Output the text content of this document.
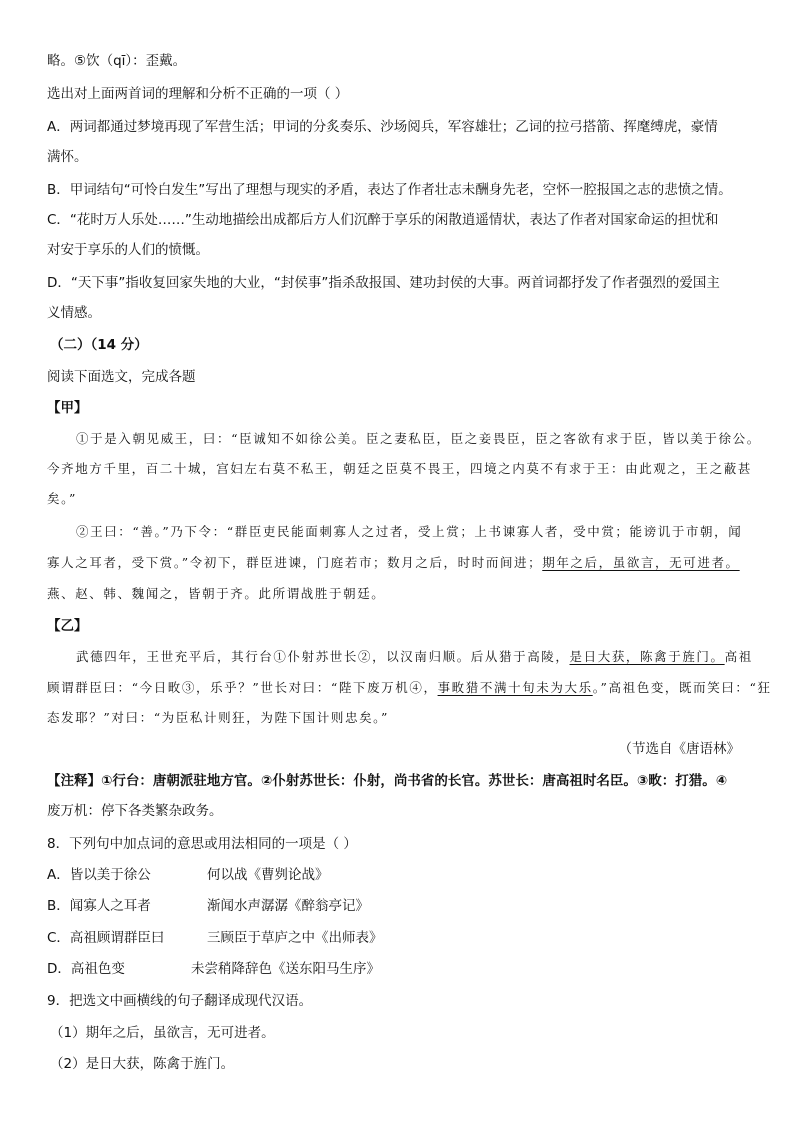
略。⑤饮（qī）：歪戴。
选出对上面两首词的理解和分析不正确的一项（ ）
A．两词都通过梦境再现了军营生活；甲词的分炙奏乐、沙场阅兵，军容雄壮；乙词的拉弓搭箭、挥麾缚虎，豪情
满怀。
B．甲词结句“可怜白发生”写出了理想与现实的矛盾，表达了作者壮志未酬身先老，空怀一腔报国之志的悲愤之情。
C．“花时万人乐处……”生动地描绘出成都后方人们沉醉于享乐的闲散逍遥情状，表达了作者对国家命运的担忧和
对安于享乐的人们的愤慨。
D．“天下事”指收复回家失地的大业，“封侯事”指杀敌报国、建功封侯的大事。两首词都抒发了作者强烈的爱国主
义情感。
（二）（14 分）
阅读下面选文，完成各题
【甲】
①于是入朝见威王，曰：“臣诚知不如徐公美。臣之妻私臣，臣之妾畏臣，臣之客欲有求于臣，皆以美于徐公。
今齐地方千里，百二十城，宫妇左右莫不私王，朝廷之臣莫不畏王，四境之内莫不有求于王：由此观之，王之蔽甚
矣。”
②王曰：“善。”乃下令：“群臣吏民能面刺寡人之过者，受上赏；上书谏寡人者，受中赏；能谤讥于市朝，闻
寡人之耳者，受下赏。”令初下，群臣进谏，门庭若市；数月之后，时时而间进；期年之后，虽欲言，无可进者。
燕、赵、韩、魏闻之，皆朝于齐。此所谓战胜于朝廷。
【乙】
武德四年，王世充平后，其行台①仆射苏世长②，以汉南归顺。后从猎于高陵，是日大获，陈禽于旌门。高祖
顾谓群臣曰：“今日畋③，乐乎？”世长对曰：“陛下废万机④，事畋猎不满十旬未为大乐。”高祖色变，既而笑曰：“狂
态发耶？”对曰：“为臣私计则狂，为陛下国计则忠矣。”
（节选自《唐语林》
【注释】①行台：唐朝派驻地方官。②仆射苏世长：仆射，尚书省的长官。苏世长：唐高祖时名臣。③畋：打猎。④
废万机：停下各类繁杂政务。
8．下列句中加点词的意思或用法相同的一项是（ ）
A．皆以美于徐公	何以战《曹刿论战》
B．闻寡人之耳者	渐闻水声潺潺《醉翁亭记》
C．高祖顾谓群臣曰	三顾臣于草庐之中《出师表》
D．高祖色变	未尝稍降辞色《送东阳马生序》
9．把选文中画横线的句子翻译成现代汉语。
（1）期年之后，虽欲言，无可进者。
（2）是日大获，陈禽于旌门。
